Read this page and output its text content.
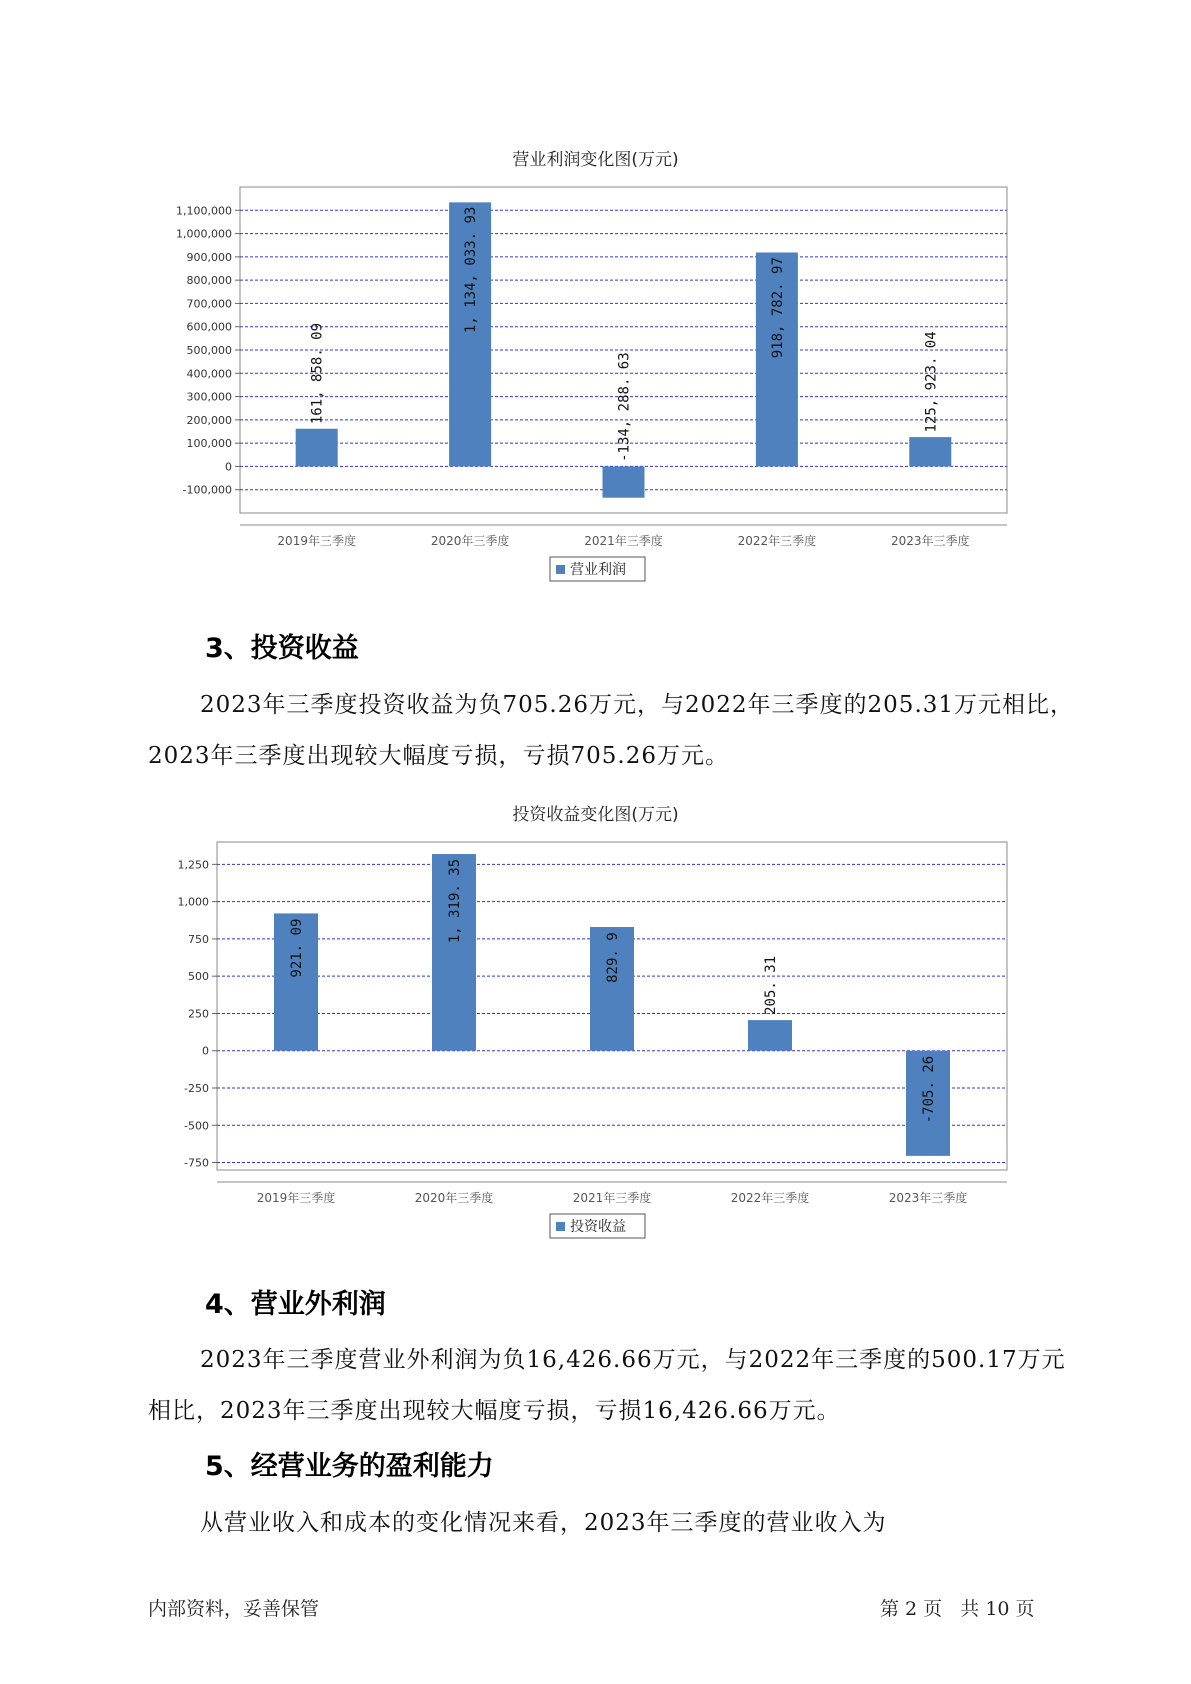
营业利润变化图(万元)
-100,000
0
100,000
200,000
300,000
400,000
500,000
600,000
700,000
800,000
900,000
1,000,000
1,100,000
161, 858. 09
2019年三季度
1, 134, 033. 93
2020年三季度
-134, 288. 63
2021年三季度
918, 782. 97
2022年三季度
125, 923. 04
2023年三季度
营业利润
3、投资收益
2023年三季度投资收益为负705.26万元，与2022年三季度的205.31万元相比，2023年三季度出现较大幅度亏损，亏损705.26万元。
投资收益变化图(万元)
-750
-500
-250
0
250
500
750
1,000
1,250
921. 09
2019年三季度
1, 319. 35
2020年三季度
829. 9
2021年三季度
205. 31
2022年三季度
-705. 26
2023年三季度
投资收益
4、营业外利润
2023年三季度营业外利润为负16,426.66万元，与2022年三季度的500.17万元相比，2023年三季度出现较大幅度亏损，亏损16,426.66万元。
5、经营业务的盈利能力
从营业收入和成本的变化情况来看，2023年三季度的营业收入为
内部资料，妥善保管	第 2 页   共 10 页
